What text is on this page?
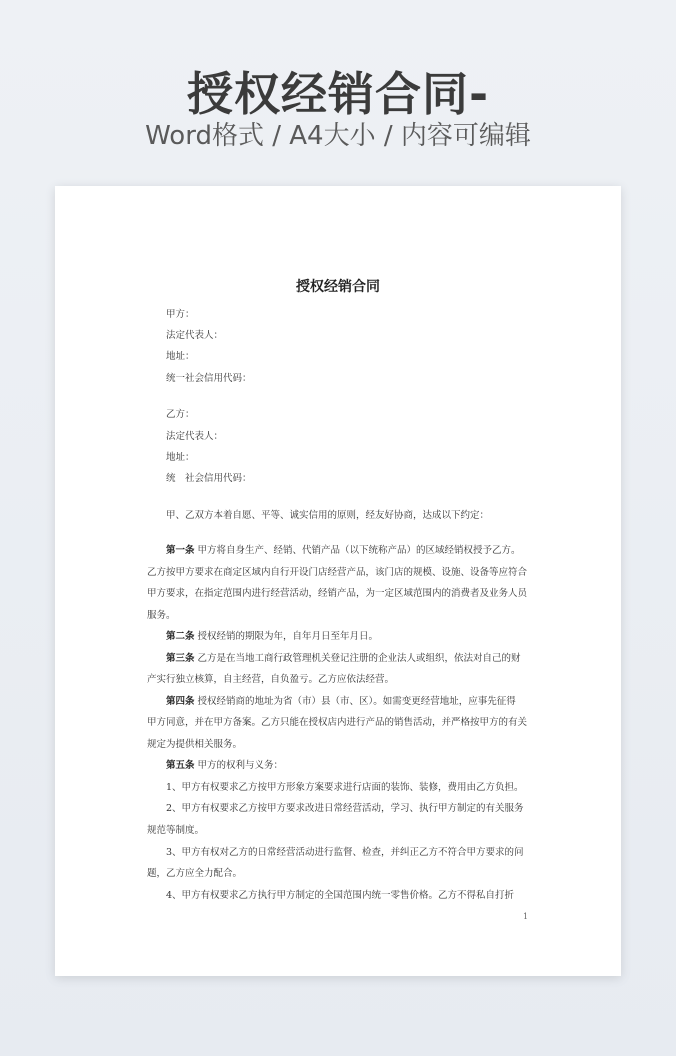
授权经销合同-
Word格式 / A4大小 / 内容可编辑
授权经销合同
甲方：
法定代表人：
地址：
统一社会信用代码：
乙方：
法定代表人：
地址：
统　社会信用代码：
甲、乙双方本着自愿、平等、诚实信用的原则，经友好协商，达成以下约定：
第一条 甲方将自身生产、经销、代销产品（以下统称产品）的区域经销权授予乙方。
乙方按甲方要求在商定区域内自行开设门店经营产品，该门店的规模、设施、设备等应符合
甲方要求，在指定范围内进行经营活动，经销产品，为一定区域范围内的消费者及业务人员
服务。
第二条 授权经销的期限为年，自年月日至年月日。
第三条 乙方是在当地工商行政管理机关登记注册的企业法人或组织，依法对自己的财
产实行独立核算，自主经营，自负盈亏。乙方应依法经营。
第四条 授权经销商的地址为省（市）县（市、区）。如需变更经营地址，应事先征得
甲方同意，并在甲方备案。乙方只能在授权店内进行产品的销售活动，并严格按甲方的有关
规定为提供相关服务。
第五条 甲方的权利与义务：
1、甲方有权要求乙方按甲方形象方案要求进行店面的装饰、装修，费用由乙方负担。
2、甲方有权要求乙方按甲方要求改进日常经营活动，学习、执行甲方制定的有关服务
规范等制度。
3、甲方有权对乙方的日常经营活动进行监督、检查，并纠正乙方不符合甲方要求的问
题，乙方应全力配合。
4、甲方有权要求乙方执行甲方制定的全国范围内统一零售价格。乙方不得私自打折
1
